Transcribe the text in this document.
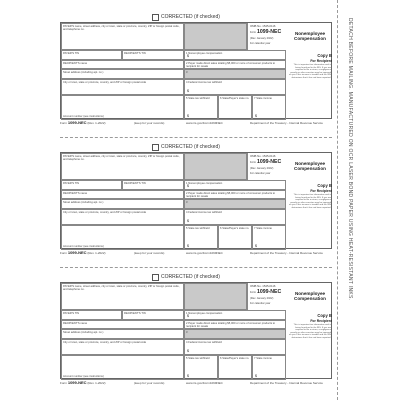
CORRECTED (if checked)
PAYER'S name, street address, city or town, state or province, country, ZIP or foreign postal code, and telephone no.
OMB No. 1545-0116
Form 1099-NEC
(Rev. January 2022)
For calendar year
PAYER'S TIN	RECIPIENT'S TIN	1 Nonemployee compensation
$
RECIPIENT'S name	2 Payer made direct sales totaling $5,000 or more of consumer products to recipient for resale
Street address (including apt. no.)	3
City or town, state or province, country, and ZIP or foreign postal code	4 Federal income tax withheld
$
Account number (see instructions)
5 State tax withheld
$
6 State/Payer's state no. 7 State income
$
Nonemployee Compensation
Copy B
For Recipient
This is important tax information and is being furnished to the IRS. If you are required to file a return, a negligence penalty or other sanction may be imposed on you if this income is taxable and the IRS determines that it has not been reported.
Form 1099-NEC (Rev. 1-2022)	(keep for your records)	www.irs.gov/Form1099NEC	Department of the Treasury - Internal Revenue Service
CORRECTED (if checked)
PAYER'S name, street address, city or town, state or province, country, ZIP or foreign postal code, and telephone no.
OMB No. 1545-0116
Form 1099-NEC
(Rev. January 2022)
For calendar year
PAYER'S TIN	RECIPIENT'S TIN	1 Nonemployee compensation
$
RECIPIENT'S name	2 Payer made direct sales totaling $5,000 or more of consumer products to recipient for resale
Street address (including apt. no.)	3
City or town, state or province, country, and ZIP or foreign postal code	4 Federal income tax withheld
$
Account number (see instructions)
5 State tax withheld
$
6 State/Payer's state no. 7 State income
$
Nonemployee Compensation
Copy B
For Recipient
This is important tax information and is being furnished to the IRS. If you are required to file a return, a negligence penalty or other sanction may be imposed on you if this income is taxable and the IRS determines that it has not been reported.
Form 1099-NEC (Rev. 1-2022)	(keep for your records)	www.irs.gov/Form1099NEC	Department of the Treasury - Internal Revenue Service
CORRECTED (if checked)
PAYER'S name, street address, city or town, state or province, country, ZIP or foreign postal code, and telephone no.
OMB No. 1545-0116
Form 1099-NEC
(Rev. January 2022)
For calendar year
PAYER'S TIN	RECIPIENT'S TIN	1 Nonemployee compensation
$
RECIPIENT'S name	2 Payer made direct sales totaling $5,000 or more of consumer products to recipient for resale
Street address (including apt. no.)	3
City or town, state or province, country, and ZIP or foreign postal code	4 Federal income tax withheld
$
Account number (see instructions)
5 State tax withheld
$
6 State/Payer's state no. 7 State income
$
Nonemployee Compensation
Copy B
For Recipient
This is important tax information and is being furnished to the IRS. If you are required to file a return, a negligence penalty or other sanction may be imposed on you if this income is taxable and the IRS determines that it has not been reported.
Form 1099-NEC (Rev. 1-2022)	(keep for your records)	www.irs.gov/Form1099NEC	Department of the Treasury - Internal Revenue Service
DETACH BEFORE MAILING. MANUFACTURED ON OCR LASER BOND PAPER USING HEAT-RESISTANT INKS.
